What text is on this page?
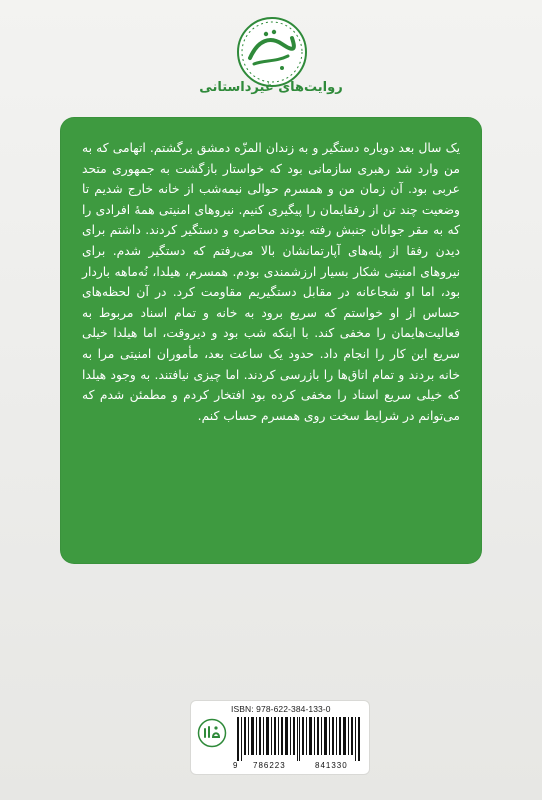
روایت‌های غیرداستانی

یک سال بعد دوباره دستگیر و به زندان المزّه دمشق برگشتم. اتهامی که به من وارد شد رهبری سازمانی بود که خواستار بازگشت به جمهوری متحد عربی بود. آن زمان من و همسرم حوالی نیمه‌شب از خانه خارج شدیم تا وضعیت چند تن از رفقایمان را پیگیری کنیم. نیروهای امنیتی همهٔ افرادی را که به مقر جوانان جنبش رفته بودند محاصره و دستگیر کردند. داشتم برای دیدن رفقا از پله‌های آپارتمانشان بالا می‌رفتم که دستگیر شدم. برای نیروهای امنیتی شکار بسیار ارزشمندی بودم. همسرم، هیلدا، نُه‌ماهه باردار بود، اما او شجاعانه در مقابل دستگیریم مقاومت کرد. در آن لحظه‌های حساس از او خواستم که سریع برود به خانه و تمام اسناد مربوط به فعالیت‌هایمان را مخفی کند. با اینکه شب بود و دیروقت، اما هیلدا خیلی سریع این کار را انجام داد. حدود یک ساعت بعد، مأموران امنیتی مرا به خانه بردند و تمام اتاق‌ها را بازرسی کردند. اما چیزی نیافتند. به وجود هیلدا که خیلی سریع اسناد را مخفی کرده بود افتخار کردم و مطمئن شدم که می‌توانم در شرایط سخت روی همسرم حساب کنم.

ISBN: 978-622-384-133-0
9 786223	841330
